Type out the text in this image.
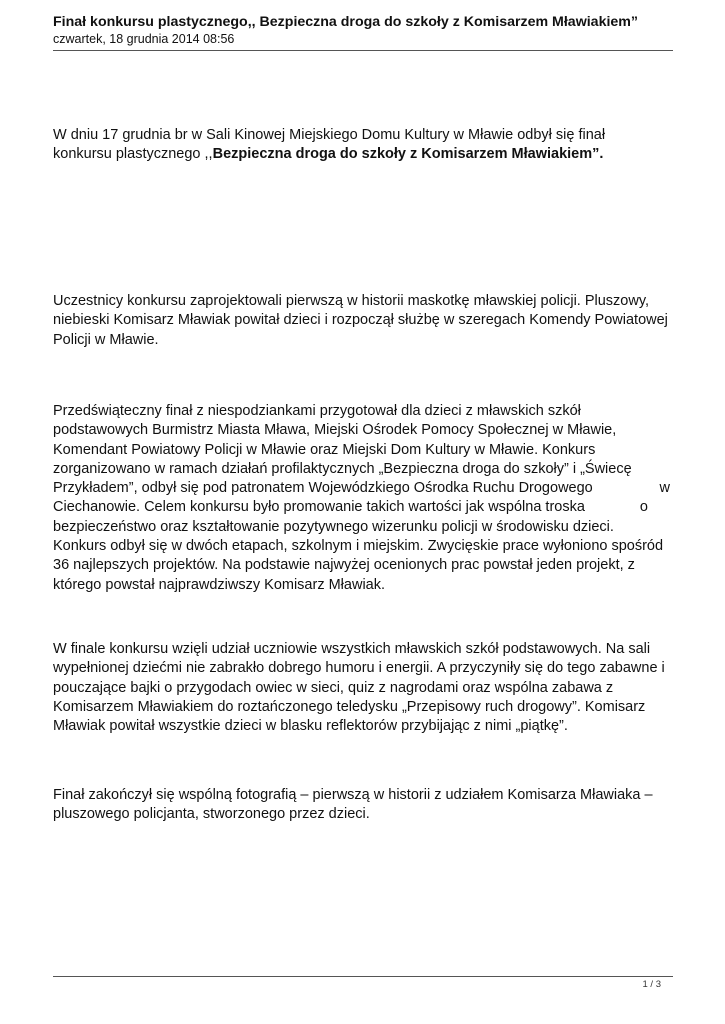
Finał konkursu plastycznego,, Bezpieczna droga do szkoły z Komisarzem Mławiakiem”
czwartek, 18 grudnia 2014 08:56
W dniu 17 grudnia br w Sali Kinowej Miejskiego Domu Kultury w Mławie odbył się finał
konkursu plastycznego ,,Bezpieczna droga do szkoły z Komisarzem Mławiakiem”.
Uczestnicy konkursu zaprojektowali pierwszą w historii maskotkę mławskiej policji. Pluszowy,
niebieski Komisarz Mławiak powitał dzieci i rozpoczął służbę w szeregach Komendy Powiatowej
Policji w Mławie.
Przedświąteczny finał z niespodziankami przygotował dla dzieci z mławskich szkół
podstawowych Burmistrz Miasta Mława, Miejski Ośrodek Pomocy Społecznej w Mławie,
Komendant Powiatowy Policji w Mławie oraz Miejski Dom Kultury w Mławie. Konkurs
zorganizowano w ramach działań profilaktycznych „Bezpieczna droga do szkoły” i „Świecę
Przykładem”, odbył się pod patronatem Wojewódzkiego Ośrodka Ruchu Drogowego	w
Ciechanowie. Celem konkursu było promowanie takich wartości jak wspólna troska	o
bezpieczeństwo oraz kształtowanie pozytywnego wizerunku policji w środowisku dzieci.
Konkurs odbył się w dwóch etapach, szkolnym i miejskim. Zwycięskie prace wyłoniono spośród
36 najlepszych projektów. Na podstawie najwyżej ocenionych prac powstał jeden projekt, z
którego powstał najprawdziwszy Komisarz Mławiak.
W finale konkursu wzięli udział uczniowie wszystkich mławskich szkół podstawowych. Na sali
wypełnionej dziećmi nie zabrakło dobrego humoru i energii. A przyczyniły się do tego zabawne i
pouczające bajki o przygodach owiec w sieci, quiz z nagrodami oraz wspólna zabawa z
Komisarzem Mławiakiem do roztańczonego teledysku „Przepisowy ruch drogowy”. Komisarz
Mławiak powitał wszystkie dzieci w blasku reflektorów przybijając z nimi „piątkę”.
Finał zakończył się wspólną fotografią – pierwszą w historii z udziałem Komisarza Mławiaka –
pluszowego policjanta, stworzonego przez dzieci.
1 / 3
